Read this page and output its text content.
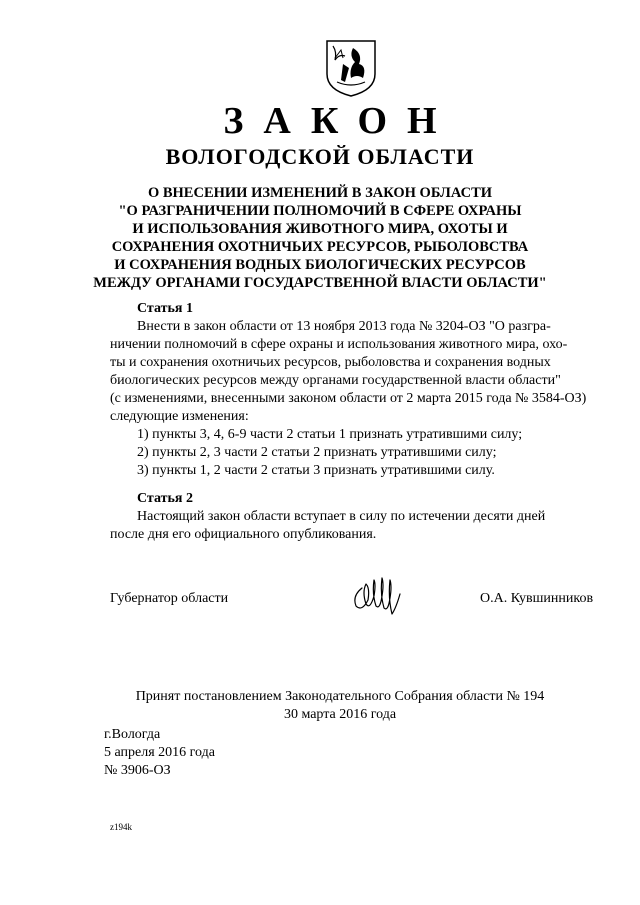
ЗАКОН
ВОЛОГОДСКОЙ ОБЛАСТИ
О ВНЕСЕНИИ ИЗМЕНЕНИЙ В ЗАКОН ОБЛАСТИ
"О РАЗГРАНИЧЕНИИ ПОЛНОМОЧИЙ В СФЕРЕ ОХРАНЫ
И ИСПОЛЬЗОВАНИЯ ЖИВОТНОГО МИРА, ОХОТЫ И
СОХРАНЕНИЯ ОХОТНИЧЬИХ РЕСУРСОВ, РЫБОЛОВСТВА
И СОХРАНЕНИЯ ВОДНЫХ БИОЛОГИЧЕСКИХ РЕСУРСОВ
МЕЖДУ ОРГАНАМИ ГОСУДАРСТВЕННОЙ ВЛАСТИ ОБЛАСТИ"
Статья 1
Внести в закон области от 13 ноября 2013 года № 3204-ОЗ "О разгра-
ничении полномочий в сфере охраны и использования животного мира, охо-
ты и сохранения охотничьих ресурсов, рыболовства и сохранения водных
биологических ресурсов между органами государственной власти области"
(с изменениями, внесенными законом области от 2 марта 2015 года № 3584-ОЗ)
следующие изменения:
1) пункты 3, 4, 6-9 части 2 статьи 1 признать утратившими силу;
2) пункты 2, 3 части 2 статьи 2 признать утратившими силу;
3) пункты 1, 2 части 2 статьи 3 признать утратившими силу.
Статья 2
Настоящий закон области вступает в силу по истечении десяти дней
после дня его официального опубликования.
Губернатор области	О.А. Кувшинников
Принят постановлением Законодательного Собрания области № 194
30 марта 2016 года
г.Вологда
5 апреля 2016 года
№ 3906-ОЗ
z194k
